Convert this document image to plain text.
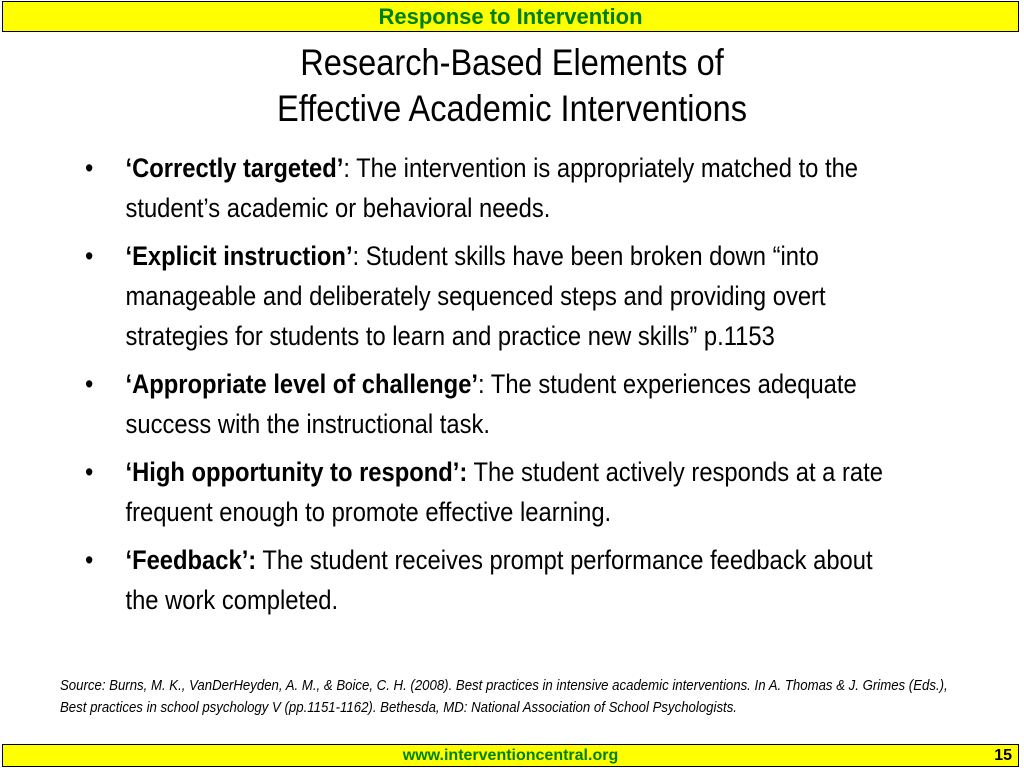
Response to Intervention
Research-Based Elements of
Effective Academic Interventions
• ‘Correctly targeted’: The intervention is appropriately matched to the student’s academic or behavioral needs.
• ‘Explicit instruction’: Student skills have been broken down “into manageable and deliberately sequenced steps and providing overt strategies for students to learn and practice new skills” p.1153
• ‘Appropriate level of challenge’: The student experiences adequate success with the instructional task.
• ‘High opportunity to respond’: The student actively responds at a rate frequent enough to promote effective learning.
• ‘Feedback’: The student receives prompt performance feedback about the work completed.
Source: Burns, M. K., VanDerHeyden, A. M., & Boice, C. H. (2008). Best practices in intensive academic interventions. In A. Thomas & J. Grimes (Eds.), Best practices in school psychology V (pp.1151-1162). Bethesda, MD: National Association of School Psychologists.
www.interventioncentral.org	15
